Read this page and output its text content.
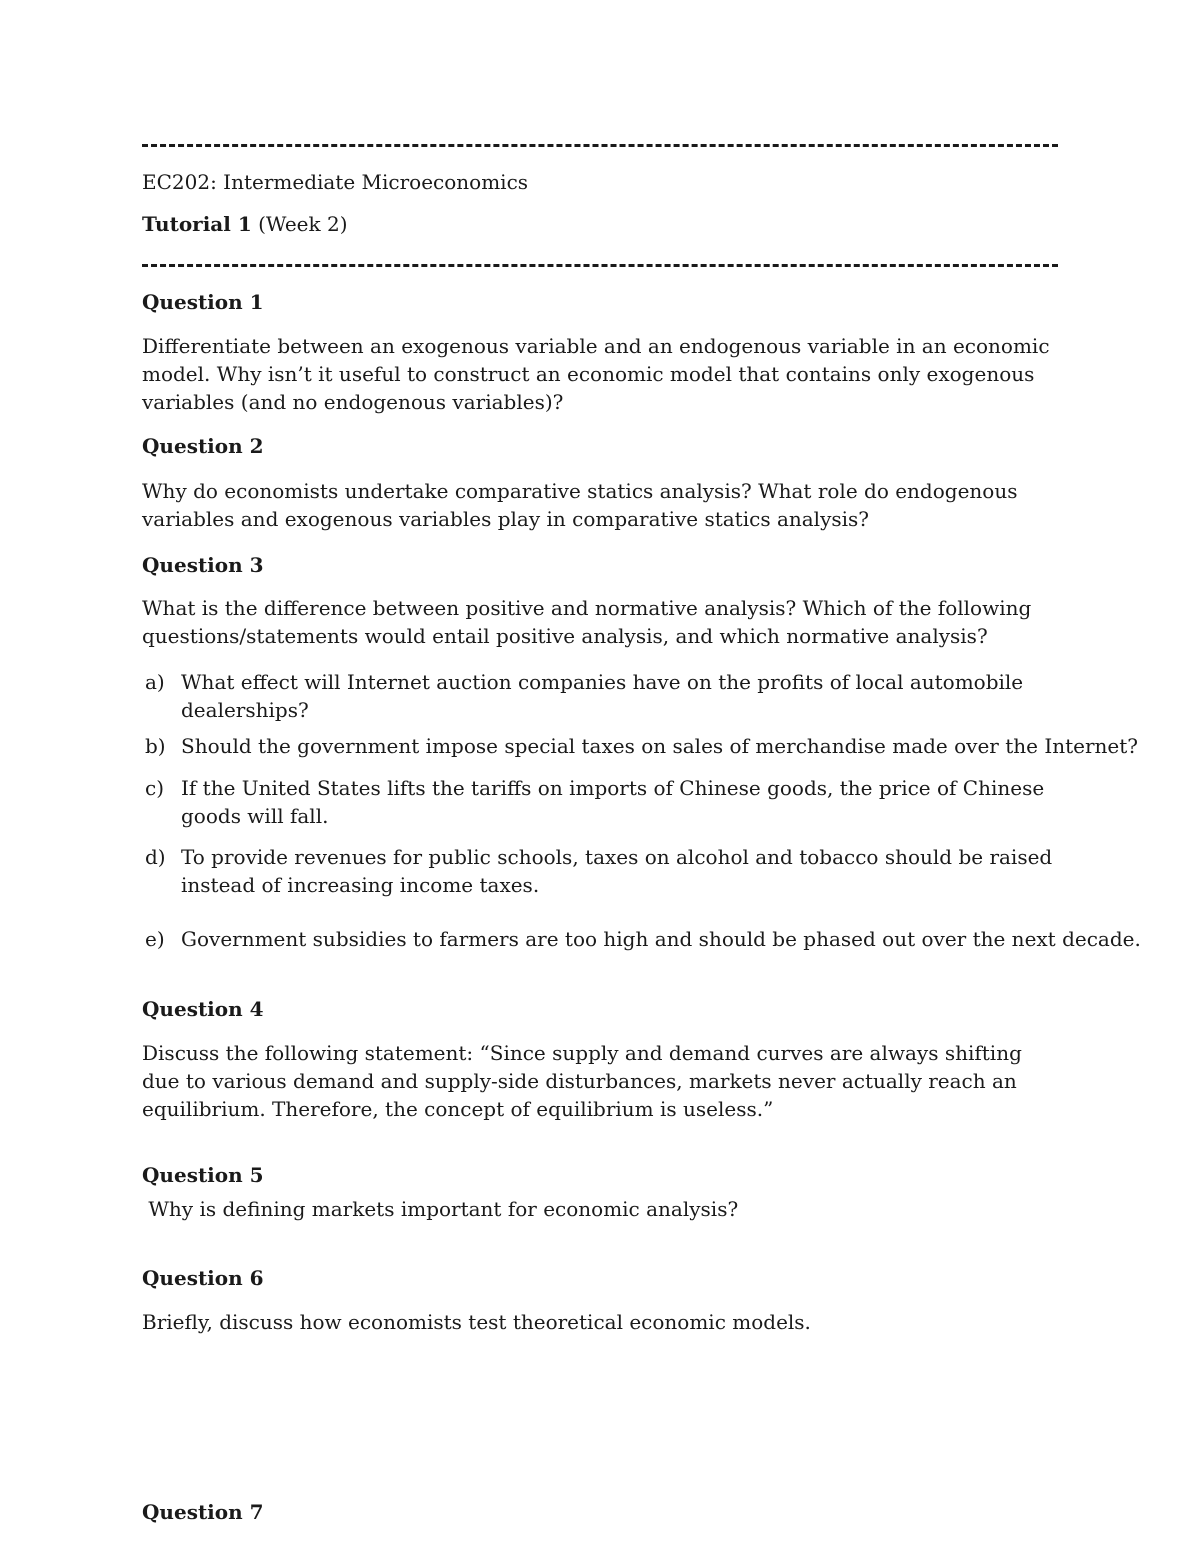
EC202: Intermediate Microeconomics
Tutorial 1 (Week 2)
Question 1
Differentiate between an exogenous variable and an endogenous variable in an economic model. Why isn’t it useful to construct an economic model that contains only exogenous variables (and no endogenous variables)?
Question 2
Why do economists undertake comparative statics analysis? What role do endogenous variables and exogenous variables play in comparative statics analysis?
Question 3
What is the difference between positive and normative analysis? Which of the following questions/statements would entail positive analysis, and which normative analysis?
a) What effect will Internet auction companies have on the profits of local automobile dealerships?
b) Should the government impose special taxes on sales of merchandise made over the Internet?
c) If the United States lifts the tariffs on imports of Chinese goods, the price of Chinese goods will fall.
d) To provide revenues for public schools, taxes on alcohol and tobacco should be raised instead of increasing income taxes.
e) Government subsidies to farmers are too high and should be phased out over the next decade.
Question 4
Discuss the following statement: “Since supply and demand curves are always shifting due to various demand and supply-side disturbances, markets never actually reach an equilibrium. Therefore, the concept of equilibrium is useless.”
Question 5
Why is defining markets important for economic analysis?
Question 6
Briefly, discuss how economists test theoretical economic models.
Question 7
